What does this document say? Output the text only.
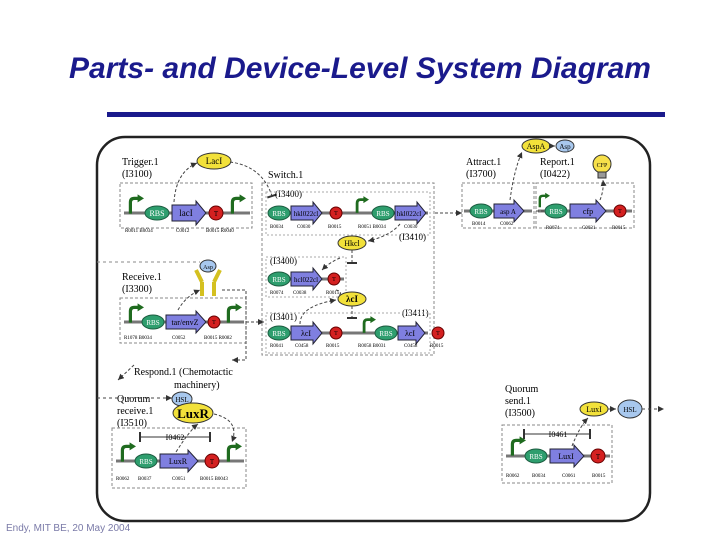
Parts- and Device-Level System Diagram
Trigger.1
(I3100)
LacI
RBS lacI	T
R0011 B0034	C0012	B0015 R0040
Switch.1
(I3400)
RBS hkl022cl	T	RBS hkl022cl
B0034	C0030	B0015	R0051 B0034	C0030
(I3410)
Hkcl
(I3400)
RBS hcl022cl T
R0074 C0038	R0015
λcI
(I3401)	(I3411)
RBS λcI	T	RBS λcI	T
R0041 C0458	R0015	R0058 B0031	C0458	R0015
Attract.1
(I3700)
AspA Asp
RBS asp A
B0014	C0062
Report.1
(I0422)
CFP
RBS	cfp	T
R0074	C0031	B0015
Receive.1
(I3300)
Asp
RBS tar/envZ T
R1078 B0034	C0052	B0015 R0082
Respond.1 (Chemotactic
machinery)
Quorum
receive.1
(I3510)
HSL
LuxR
I0462
RBS LuxR	T
R0062 B0037	C0051	B0015 B0043
Quorum
send.1
(I3500)	LuxI	HSL
I0461
RBS LuxI	T
R0062	B0034	C0061	B0015
Endy, MIT BE, 20 May 2004
